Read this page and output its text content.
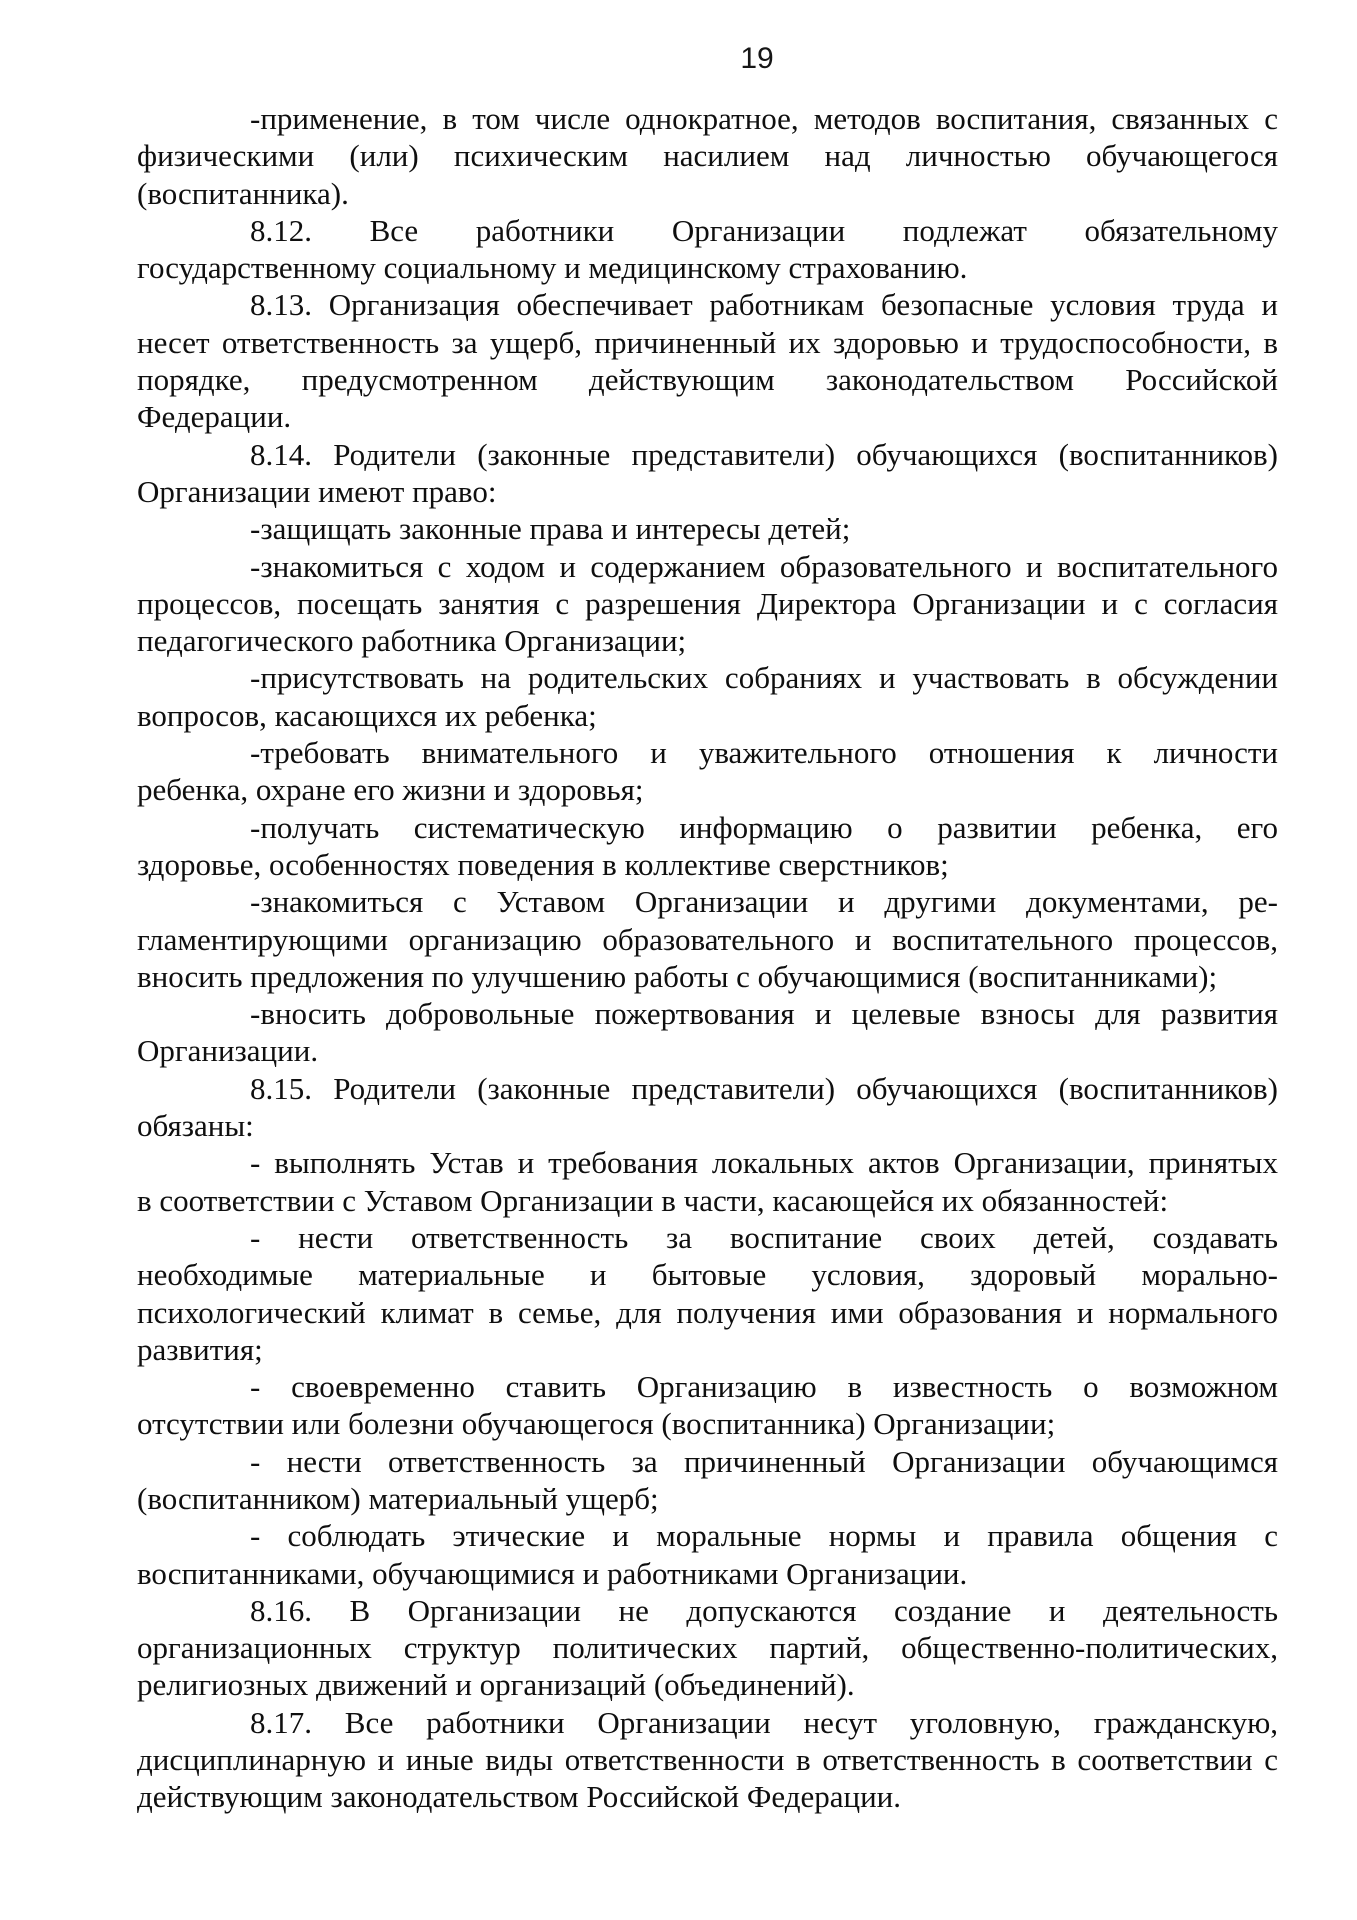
19
-применение, в том числе однократное, методов воспитания, связанных с
физическими (или) психическим насилием над личностью обучающегося
(воспитанника).
8.12. Все работники Организации подлежат обязательному
государственному социальному и медицинскому страхованию.
8.13. Организация обеспечивает работникам безопасные условия труда и
несет ответственность за ущерб, причиненный их здоровью и трудоспособности, в
порядке, предусмотренном действующим законодательством Российской
Федерации.
8.14. Родители (законные представители) обучающихся (воспитанников)
Организации имеют право:
-защищать законные права и интересы детей;
-знакомиться с ходом и содержанием образовательного и воспитательного
процессов, посещать занятия с разрешения Директора Организации и с согласия
педагогического работника Организации;
-присутствовать на родительских собраниях и участвовать в обсуждении
вопросов, касающихся их ребенка;
-требовать внимательного и уважительного отношения к личности
ребенка, охране его жизни и здоровья;
-получать систематическую информацию о развитии ребенка, его
здоровье, особенностях поведения в коллективе сверстников;
-знакомиться с Уставом Организации и другими документами, ре-
гламентирующими организацию образовательного и воспитательного процессов,
вносить предложения по улучшению работы с обучающимися (воспитанниками);
-вносить добровольные пожертвования и целевые взносы для развития
Организации.
8.15. Родители (законные представители) обучающихся (воспитанников)
обязаны:
- выполнять Устав и требования локальных актов Организации, принятых
в соответствии с Уставом Организации в части, касающейся их обязанностей:
- нести ответственность за воспитание своих детей, создавать
необходимые материальные и бытовые условия, здоровый морально-
психологический климат в семье, для получения ими образования и нормального
развития;
- своевременно ставить Организацию в известность о возможном
отсутствии или болезни обучающегося (воспитанника) Организации;
- нести ответственность за причиненный Организации обучающимся
(воспитанником) материальный ущерб;
- соблюдать этические и моральные нормы и правила общения с
воспитанниками, обучающимися и работниками Организации.
8.16. В Организации не допускаются создание и деятельность
организационных структур политических партий, общественно-политических,
религиозных движений и организаций (объединений).
8.17. Все работники Организации несут уголовную, гражданскую,
дисциплинарную и иные виды ответственности в ответственность в соответствии с
действующим законодательством Российской Федерации.
